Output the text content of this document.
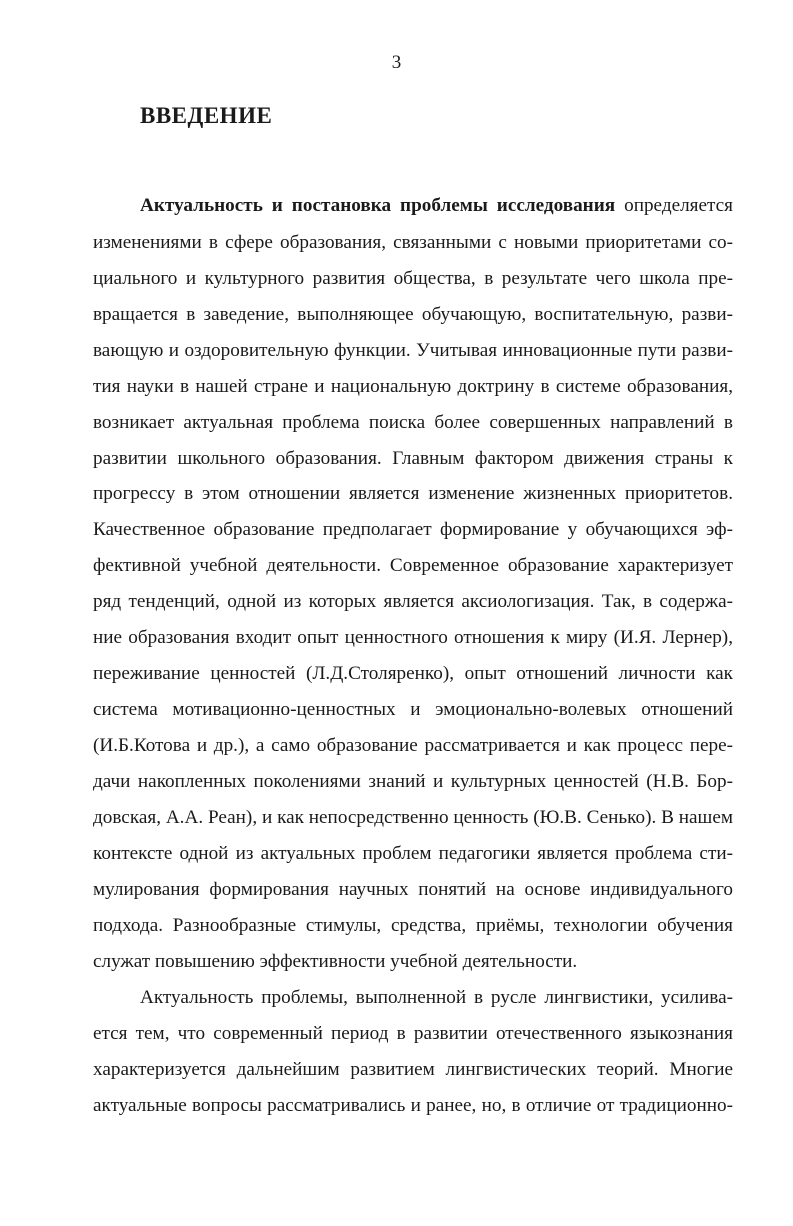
3
ВВЕДЕНИЕ
Актуальность и постановка проблемы исследования определяется
изменениями в сфере образования, связанными с новыми приоритетами со-
циального и культурного развития общества, в результате чего школа пре-
вращается в заведение, выполняющее обучающую, воспитательную, разви-
вающую и оздоровительную функции. Учитывая инновационные пути разви-
тия науки в нашей стране и национальную доктрину в системе образования,
возникает актуальная проблема поиска более совершенных направлений в
развитии школьного образования. Главным фактором движения страны к
прогрессу в этом отношении является изменение жизненных приоритетов.
Качественное образование предполагает формирование у обучающихся эф-
фективной учебной деятельности. Современное образование характеризует
ряд тенденций, одной из которых является аксиологизация. Так, в содержа-
ние образования входит опыт ценностного отношения к миру (И.Я. Лернер),
переживание ценностей (Л.Д.Столяренко), опыт отношений личности как
система мотивационно-ценностных и эмоционально-волевых отношений
(И.Б.Котова и др.), а само образование рассматривается и как процесс пере-
дачи накопленных поколениями знаний и культурных ценностей (Н.В. Бор-
довская, А.А. Реан), и как непосредственно ценность (Ю.В. Сенько). В нашем
контексте одной из актуальных проблем педагогики является проблема сти-
мулирования формирования научных понятий на основе индивидуального
подхода. Разнообразные стимулы, средства, приёмы, технологии обучения
служат повышению эффективности учебной деятельности.
Актуальность проблемы, выполненной в русле лингвистики, усилива-
ется тем, что современный период в развитии отечественного языкознания
характеризуется дальнейшим развитием лингвистических теорий. Многие
актуальные вопросы рассматривались и ранее, но, в отличие от традиционно-
